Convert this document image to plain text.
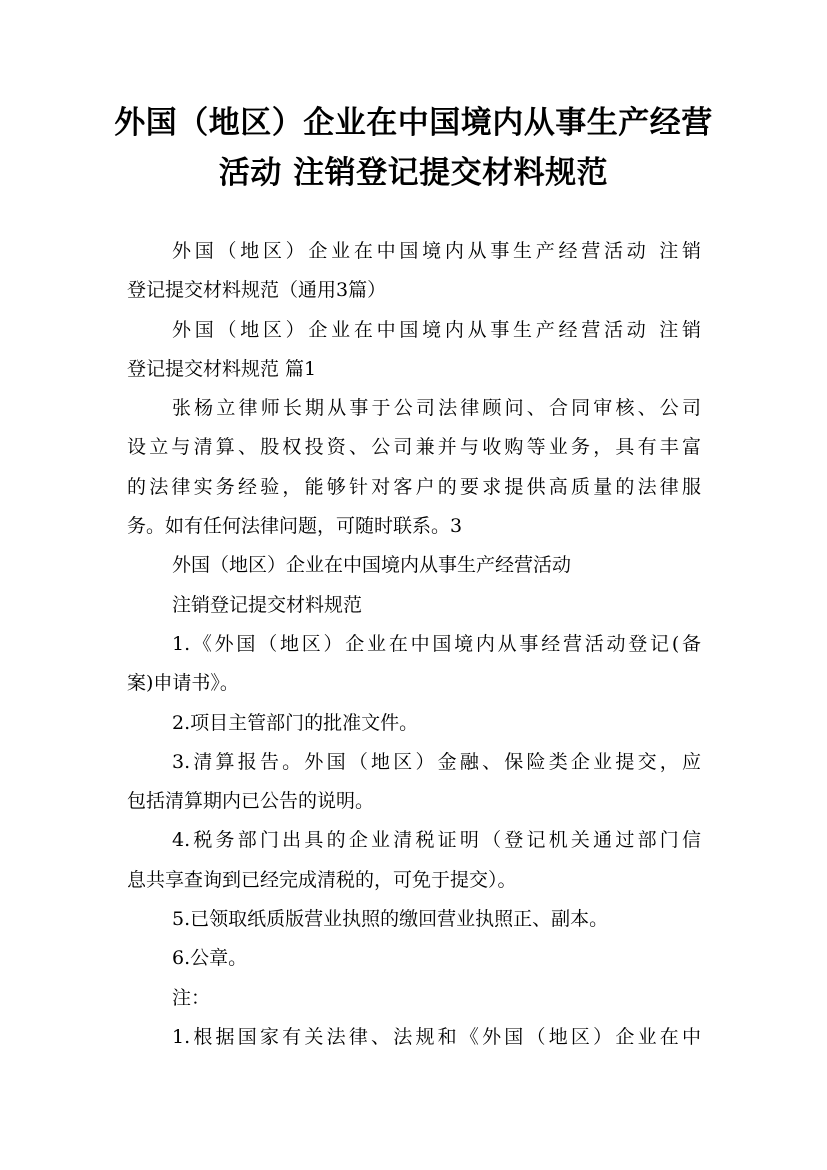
外国（地区）企业在中国境内从事生产经营
活动 注销登记提交材料规范
外国（地区）企业在中国境内从事生产经营活动 注销
登记提交材料规范（通用3篇）
外国（地区）企业在中国境内从事生产经营活动 注销
登记提交材料规范 篇1
张杨立律师长期从事于公司法律顾问、合同审核、公司
设立与清算、股权投资、公司兼并与收购等业务，具有丰富
的法律实务经验，能够针对客户的要求提供高质量的法律服
务。如有任何法律问题，可随时联系。3
外国（地区）企业在中国境内从事生产经营活动
注销登记提交材料规范
1.《外国（地区）企业在中国境内从事经营活动登记(备
案)申请书》。
2.项目主管部门的批准文件。
3.清算报告。外国（地区）金融、保险类企业提交，应
包括清算期内已公告的说明。
4.税务部门出具的企业清税证明（登记机关通过部门信
息共享查询到已经完成清税的，可免于提交）。
5.已领取纸质版营业执照的缴回营业执照正、副本。
6.公章。
注：
1.根据国家有关法律、法规和《外国（地区）企业在中
